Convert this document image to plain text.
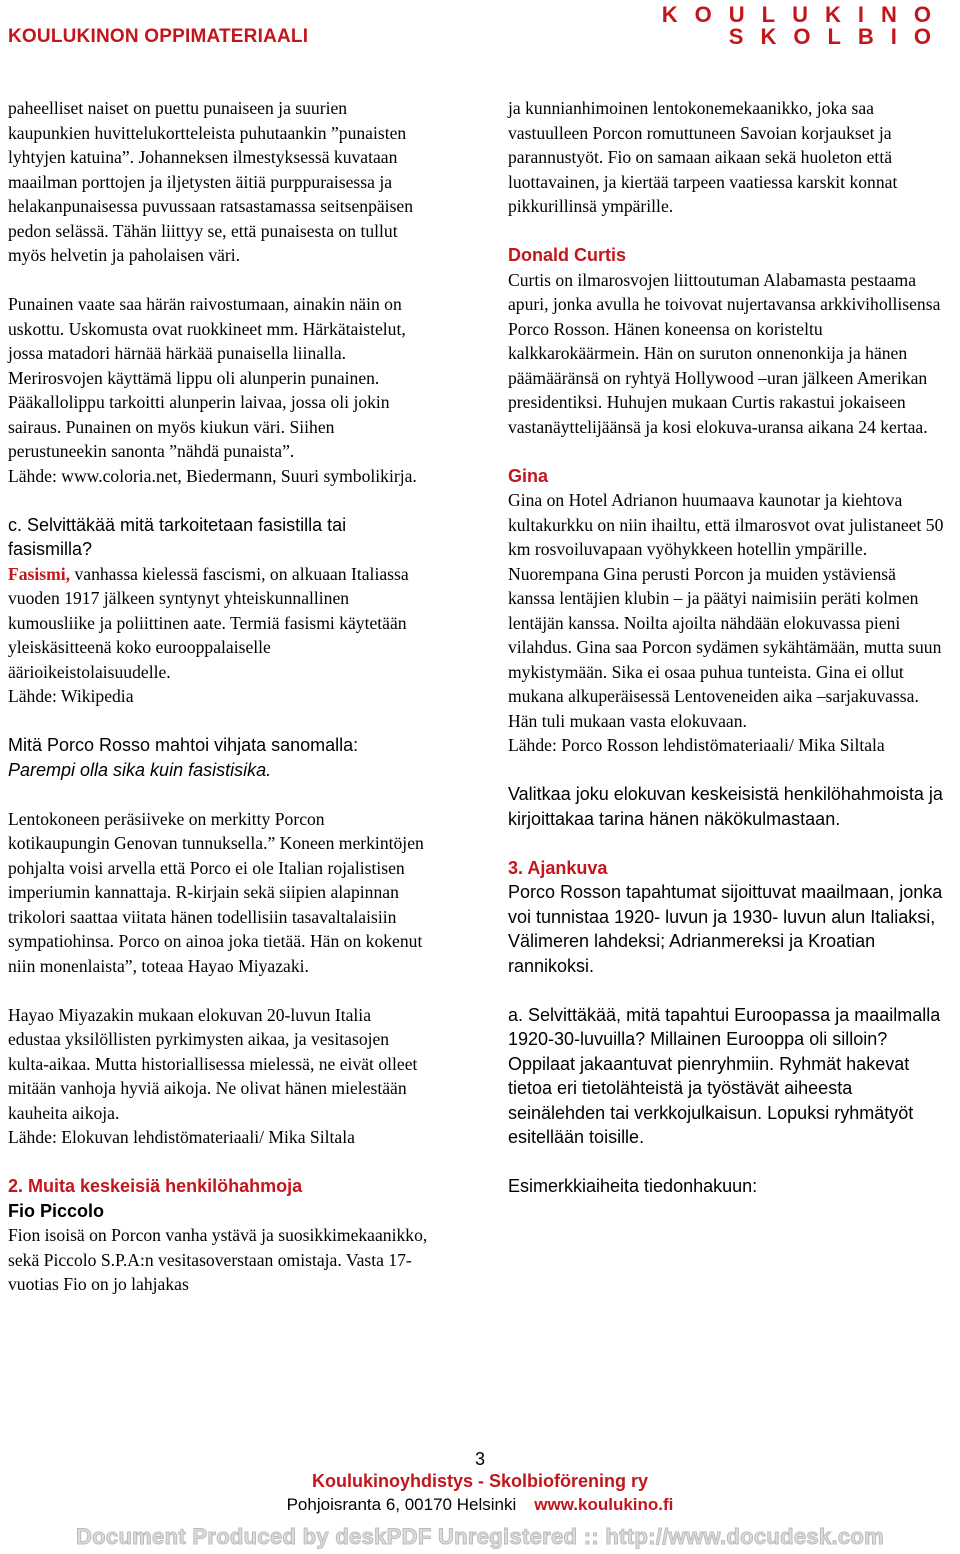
KOULUKINON OPPIMATERIAALI
KOULUKINO
SKOLBIO

paheelliset naiset on puettu punaiseen ja suurien kaupunkien huvittelukortteleista puhutaankin ”punaisten lyhtyjen katuina”. Johanneksen ilmestyksessä kuvataan maailman porttojen ja iljetysten äitiä purppuraisessa ja helakanpunaisessa puvussaan ratsastamassa seitsenpäisen pedon selässä. Tähän liittyy se, että punaisesta on tullut myös helvetin ja paholaisen väri.

Punainen vaate saa härän raivostumaan, ainakin näin on uskottu. Uskomusta ovat ruokkineet mm. Härkätaistelut, jossa matadori härnää härkää punaisella liinalla. Merirosvojen käyttämä lippu oli alunperin punainen. Pääkallolippu tarkoitti alunperin laivaa, jossa oli jokin sairaus. Punainen on myös kiukun väri. Siihen perustuneekin sanonta ”nähdä punaista”.

Lähde: www.coloria.net, Biedermann, Suuri symbolikirja.

c. Selvittäkää mitä tarkoitetaan fasistilla tai fasismilla?

Fasismi, vanhassa kielessä fascismi, on alkuaan Italiassa vuoden 1917 jälkeen syntynyt yhteiskunnallinen kumousliike ja poliittinen aate. Termiä fasismi käytetään yleiskäsitteenä koko eurooppalaiselle äärioikeistolaisuudelle.

Lähde: Wikipedia

Mitä Porco Rosso mahtoi vihjata sanomalla:

Parempi olla sika kuin fasistisika.

Lentokoneen peräsiiveke on merkitty Porcon kotikaupungin Genovan tunnuksella.” Koneen merkintöjen pohjalta voisi arvella että Porco ei ole Italian rojalistisen imperiumin kannattaja. R-kirjain sekä siipien alapinnan trikolori saattaa viitata hänen todellisiin tasavaltalaisiin sympatiohinsa. Porco on ainoa joka tietää. Hän on kokenut niin monenlaista”, toteaa Hayao Miyazaki.

Hayao Miyazakin mukaan elokuvan 20-luvun Italia edustaa yksilöllisten pyrkimysten aikaa, ja vesitasojen kulta-aikaa. Mutta historiallisessa mielessä, ne eivät olleet mitään vanhoja hyviä aikoja. Ne olivat hänen mielestään kauheita aikoja.

Lähde: Elokuvan lehdistömateriaali/ Mika Siltala

2. Muita keskeisiä henkilöhahmoja

Fio Piccolo

Fion isoisä on Porcon vanha ystävä ja suosikkimekaanikko, sekä Piccolo S.P.A:n vesitasoverstaan omistaja. Vasta 17-vuotias Fio on jo lahjakas

ja kunnianhimoinen lentokonemekaanikko, joka saa vastuulleen Porcon romuttuneen Savoian korjaukset ja parannustyöt. Fio on samaan aikaan sekä huoleton että luottavainen, ja kiertää tarpeen vaatiessa karskit konnat pikkurillinsä ympärille.

Donald Curtis

Curtis on ilmarosvojen liittoutuman Alabamasta pestaama apuri, jonka avulla he toivovat nujertavansa arkkivihollisensa Porco Rosson. Hänen koneensa on koristeltu kalkkarokäärmein. Hän on suruton onnenonkija ja hänen päämääränsä on ryhtyä Hollywood –uran jälkeen Amerikan presidentiksi. Huhujen mukaan Curtis rakastui jokaiseen vastanäyttelijäänsä ja kosi elokuva-uransa aikana 24 kertaa.

Gina

Gina on Hotel Adrianon huumaava kaunotar ja kiehtova kultakurkku on niin ihailtu, että ilmarosvot ovat julistaneet 50 km rosvoiluvapaan vyöhykkeen hotellin ympärille. Nuorempana Gina perusti Porcon ja muiden ystäviensä kanssa lentäjien klubin – ja päätyi naimisiin peräti kolmen lentäjän kanssa. Noilta ajoilta nähdään elokuvassa pieni vilahdus. Gina saa Porcon sydämen sykähtämään, mutta suun mykistymään. Sika ei osaa puhua tunteista. Gina ei ollut mukana alkuperäisessä Lentoveneiden aika –sarjakuvassa. Hän tuli mukaan vasta elokuvaan.

Lähde: Porco Rosson lehdistömateriaali/ Mika Siltala

Valitkaa joku elokuvan keskeisistä henkilöhahmoista ja kirjoittakaa tarina hänen näkökulmastaan.

3. Ajankuva

Porco Rosson tapahtumat sijoittuvat maailmaan, jonka voi tunnistaa 1920- luvun ja 1930- luvun alun Italiaksi, Välimeren lahdeksi; Adrianmereksi ja Kroatian rannikoksi.

a. Selvittäkää, mitä tapahtui Euroopassa ja maailmalla 1920-30-luvuilla? Millainen Eurooppa oli silloin?

Oppilaat jakaantuvat pienryhmiin. Ryhmät hakevat tietoa eri tietolähteistä ja työstävät aiheesta seinälehden tai verkkojulkaisun. Lopuksi ryhmätyöt esitellään toisille.

Esimerkkiaiheita tiedonhakuun:

3
Koulukinoyhdistys - Skolbioförening ry
Pohjoisranta 6, 00170 Helsinki www.koulukino.fi
Document Produced by deskPDF Unregistered :: http://www.docudesk.com
